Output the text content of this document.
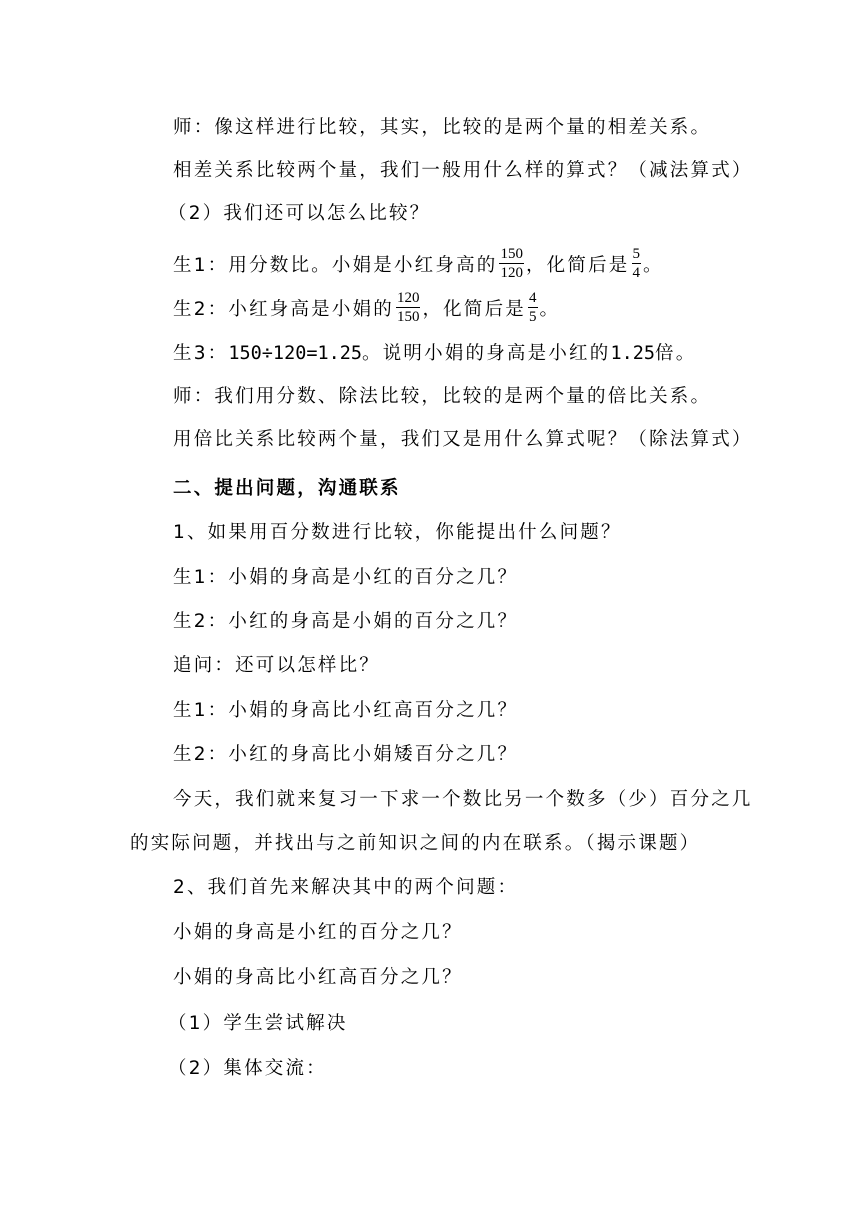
师：像这样进行比较，其实，比较的是两个量的相差关系。
相差关系比较两个量，我们一般用什么样的算式？（减法算式）
（2）我们还可以怎么比较？
生1：用分数比。小娟是小红身高的 $\frac{150}{120}$ ，化简后是 $\frac{5}{4}$ 。
生2：小红身高是小娟的 $\frac{120}{150}$ ，化简后是 $\frac{4}{5}$ 。
生3：150÷120=1.25。说明小娟的身高是小红的1.25倍。
师：我们用分数、除法比较，比较的是两个量的倍比关系。
用倍比关系比较两个量，我们又是用什么算式呢？（除法算式）
二、提出问题，沟通联系
1、如果用百分数进行比较，你能提出什么问题？
生1：小娟的身高是小红的百分之几？
生2：小红的身高是小娟的百分之几？
追问：还可以怎样比？
生1：小娟的身高比小红高百分之几？
生2：小红的身高比小娟矮百分之几？
今天，我们就来复习一下求一个数比另一个数多（少）百分之几
的实际问题，并找出与之前知识之间的内在联系。（揭示课题）
2、我们首先来解决其中的两个问题：
小娟的身高是小红的百分之几？
小娟的身高比小红高百分之几？
（1）学生尝试解决
（2）集体交流：
